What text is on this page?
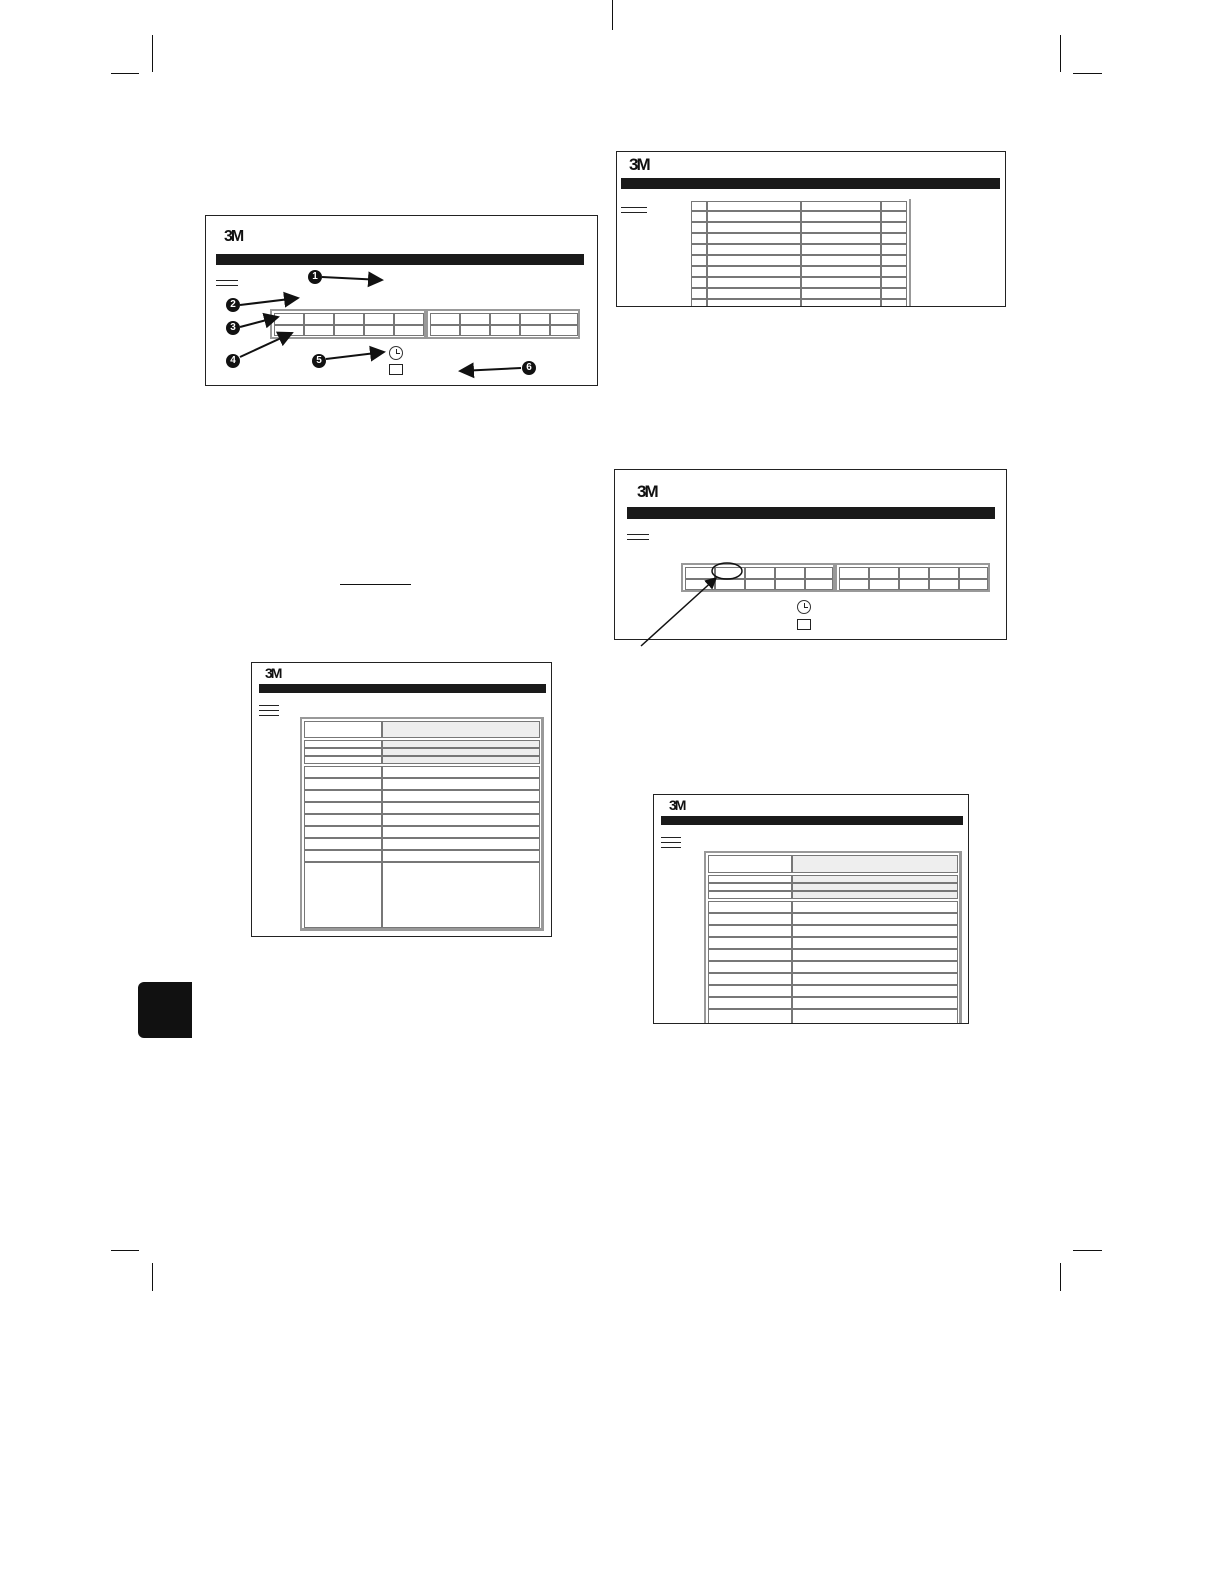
3M
1
2
3
4	5
6
3M
3M
3M
3M
